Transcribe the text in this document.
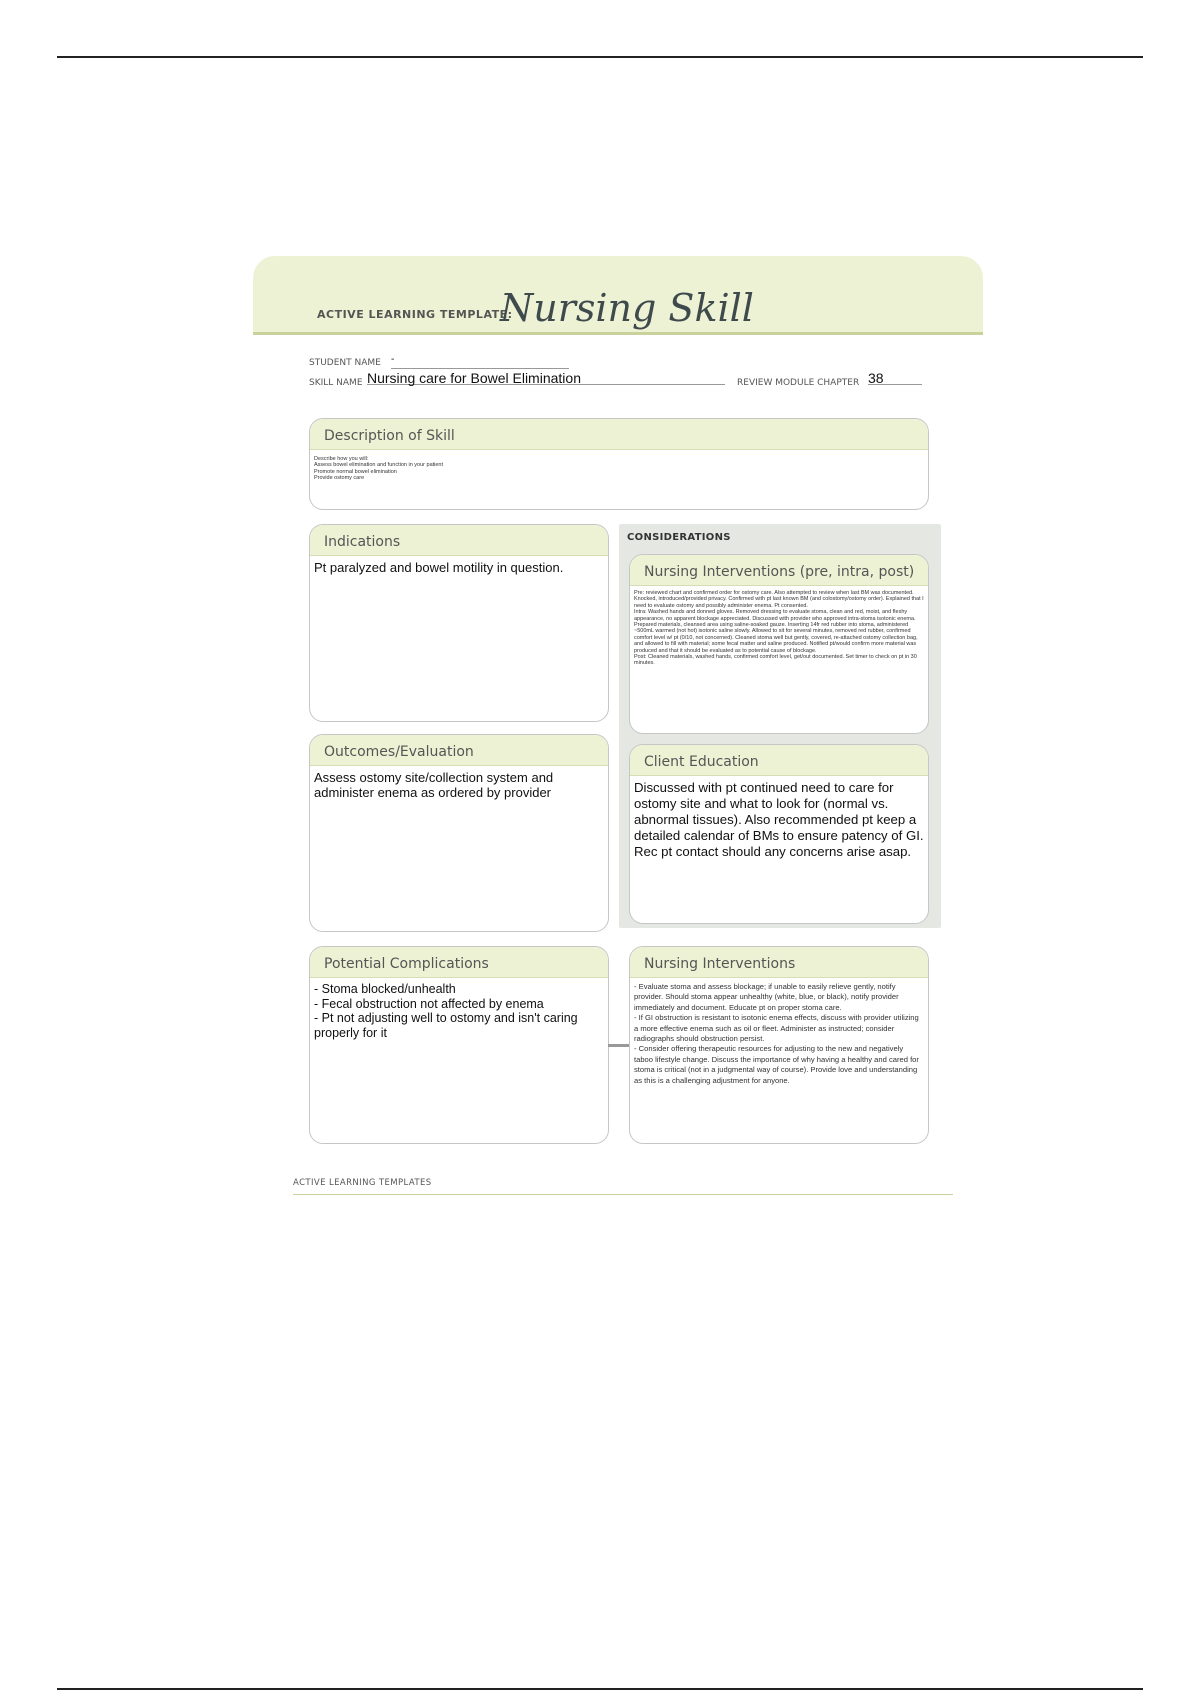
ACTIVE LEARNING TEMPLATE:
Nursing Skill
STUDENT NAME -
SKILL NAME Nursing care for Bowel Elimination	REVIEW MODULE CHAPTER 38
Description of Skill
Describe how you will:
Assess bowel elimination and function in your patient
Promote normal bowel elimination
Provide ostomy care
Indications
Pt paralyzed and bowel motility in question.
Outcomes/Evaluation
Assess ostomy site/collection system and administer enema as ordered by provider
CONSIDERATIONS
Nursing Interventions (pre, intra, post)
Pre: reviewed chart and confirmed order for ostomy care. Also attempted to review when last BM was documented. Knocked, introduced/provided privacy. Confirmed with pt last known BM (and colostomy/ostomy order). Explained that I need to evaluate ostomy and possibly administer enema. Pt consented.
Intra: Washed hands and donned gloves. Removed dressing to evaluate stoma, clean and red, moist, and fleshy appearance, no apparent blockage appreciated. Discussed with provider who approved intra-stoma isotonic enema. Prepared materials, cleansed area using saline-soaked gauze. Inserting 14fr red rubber into stoma, administered ~500mL warmed (not hot) isotonic saline slowly. Allowed to sit for several minutes, removed red rubber, confirmed comfort level w/ pt (0/10, not concerned). Cleaned stoma well but gently, covered, re-attached ostomy collection bag, and allowed to fill with material; some fecal matter and saline produced. Notified pt/would confirm more material was produced and that it should be evaluated as to potential cause of blockage.
Post: Cleaned materials, washed hands, confirmed comfort level, get/out documented. Set timer to check on pt in 30 minutes.
Client Education
Discussed with pt continued need to care for ostomy site and what to look for (normal vs. abnormal tissues). Also recommended pt keep a detailed calendar of BMs to ensure patency of GI. Rec pt contact should any concerns arise asap.
Potential Complications
- Stoma blocked/unhealth
- Fecal obstruction not affected by enema
- Pt not adjusting well to ostomy and isn't caring properly for it
Nursing Interventions
- Evaluate stoma and assess blockage; if unable to easily relieve gently, notify provider. Should stoma appear unhealthy (white, blue, or black), notify provider immediately and document. Educate pt on proper stoma care.
- If GI obstruction is resistant to isotonic enema effects, discuss with provider utilizing a more effective enema such as oil or fleet. Administer as instructed; consider radiographs should obstruction persist.
- Consider offering therapeutic resources for adjusting to the new and negatively taboo lifestyle change. Discuss the importance of why having a healthy and cared for stoma is critical (not in a judgmental way of course). Provide love and understanding as this is a challenging adjustment for anyone.
ACTIVE LEARNING TEMPLATES
